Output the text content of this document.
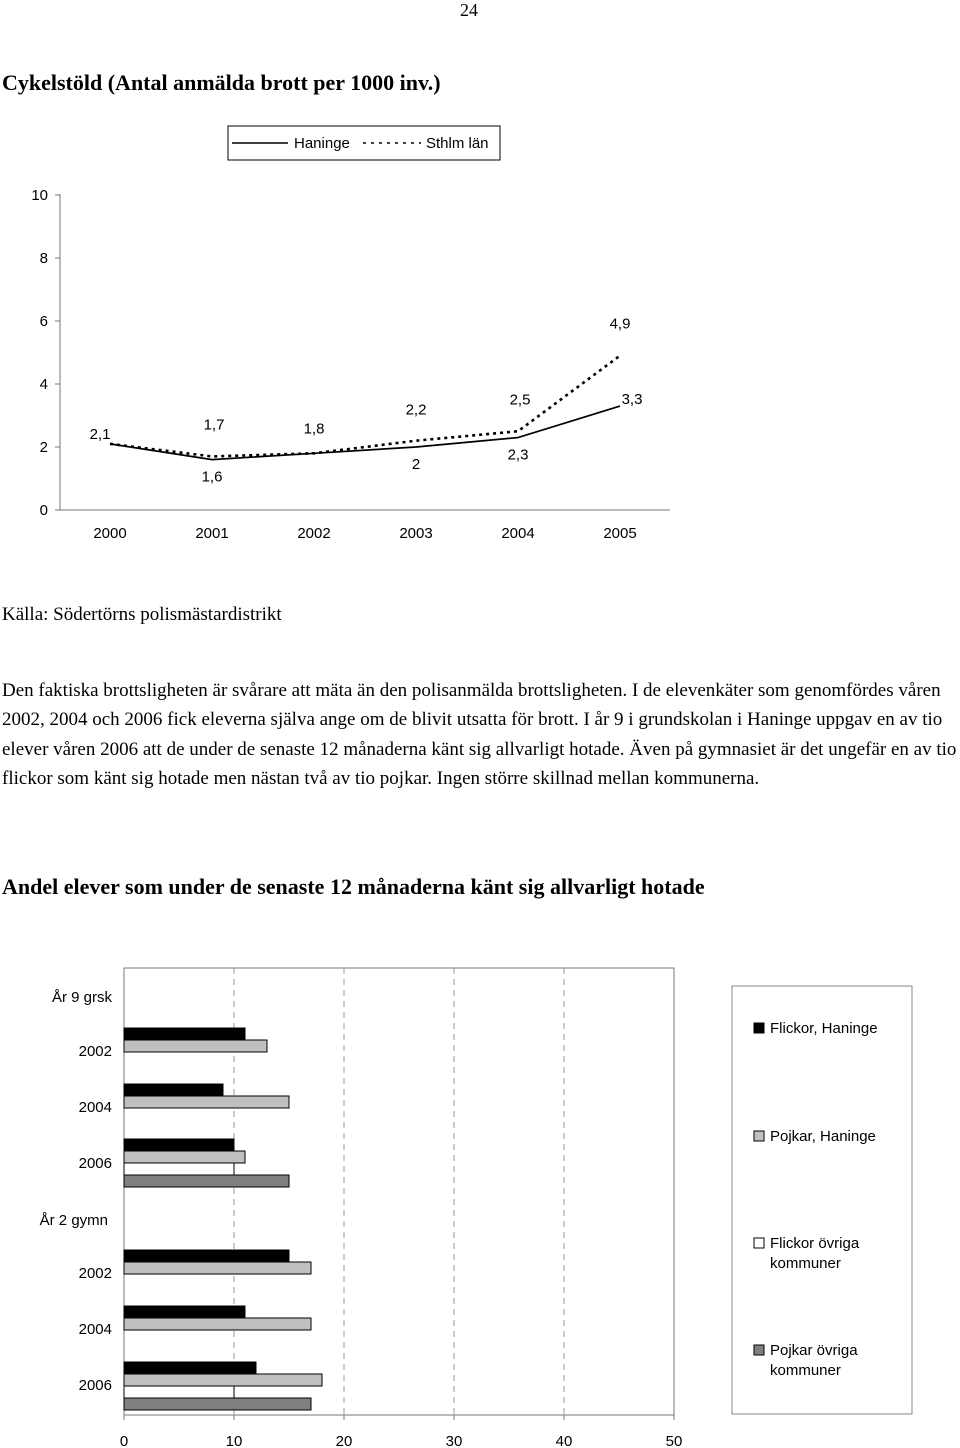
24
Cykelstöld (Antal anmälda brott per 1000 inv.)
Haninge	Sthlm län
0
2
4
6
8
10
2000	2001	2002	2003	2004	2005
2,1
1,6
1,8
2
2,3
3,3
1,7
2,2
2,5
4,9
Källa: Södertörns polismästardistrikt

Den faktiska brottsligheten är svårare att mäta än den polisanmälda brottsligheten. I de elevenkäter som genomfördes våren 2002, 2004 och 2006 fick eleverna själva ange om de blivit utsatta för brott. I år 9 i grundskolan i Haninge uppgav en av tio elever våren 2006 att de under de senaste 12 månaderna känt sig allvarligt hotade. Även på gymnasiet är det ungefär en av tio flickor som känt sig hotade men nästan två av tio pojkar. Ingen större skillnad mellan kommunerna.

Andel elever som under de senaste 12 månaderna känt sig allvarligt hotade
2002
2004
2006
2002
2004
2006
År 9 grsk
År 2 gymn
0	10	20	30	40	50
Flickor, Haninge
Pojkar, Haninge
Flickor övriga
kommuner
Pojkar övriga
kommuner
